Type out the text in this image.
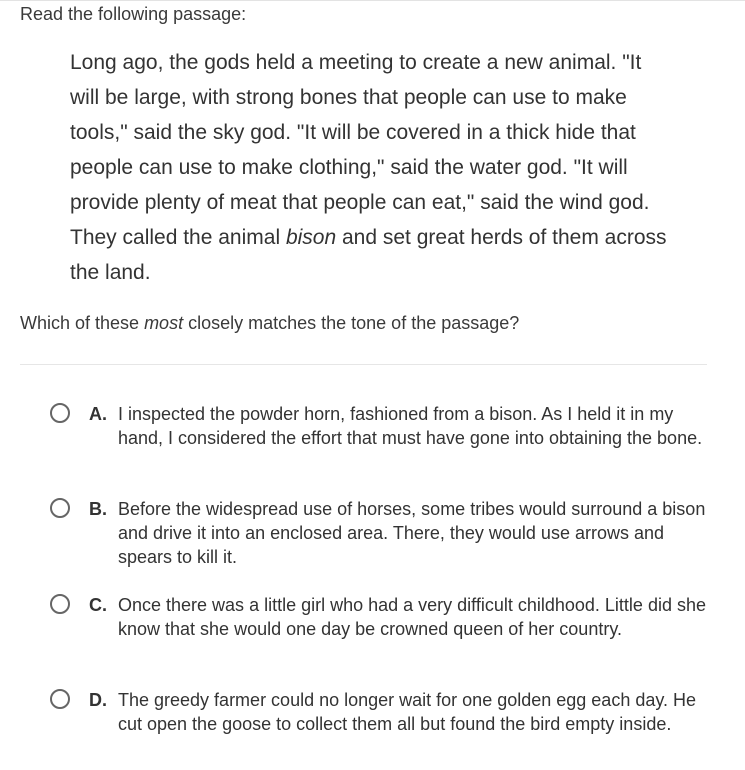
Read the following passage:

Long ago, the gods held a meeting to create a new animal. "It will be large, with strong bones that people can use to make tools," said the sky god. "It will be covered in a thick hide that people can use to make clothing," said the water god. "It will provide plenty of meat that people can eat," said the wind god. They called the animal bison and set great herds of them across the land.

Which of these most closely matches the tone of the passage?
A. I inspected the powder horn, fashioned from a bison. As I held it in my hand, I considered the effort that must have gone into obtaining the bone.
B. Before the widespread use of horses, some tribes would surround a bison and drive it into an enclosed area. There, they would use arrows and spears to kill it.
C. Once there was a little girl who had a very difficult childhood. Little did she know that she would one day be crowned queen of her country.
D. The greedy farmer could no longer wait for one golden egg each day. He cut open the goose to collect them all but found the bird empty inside.
